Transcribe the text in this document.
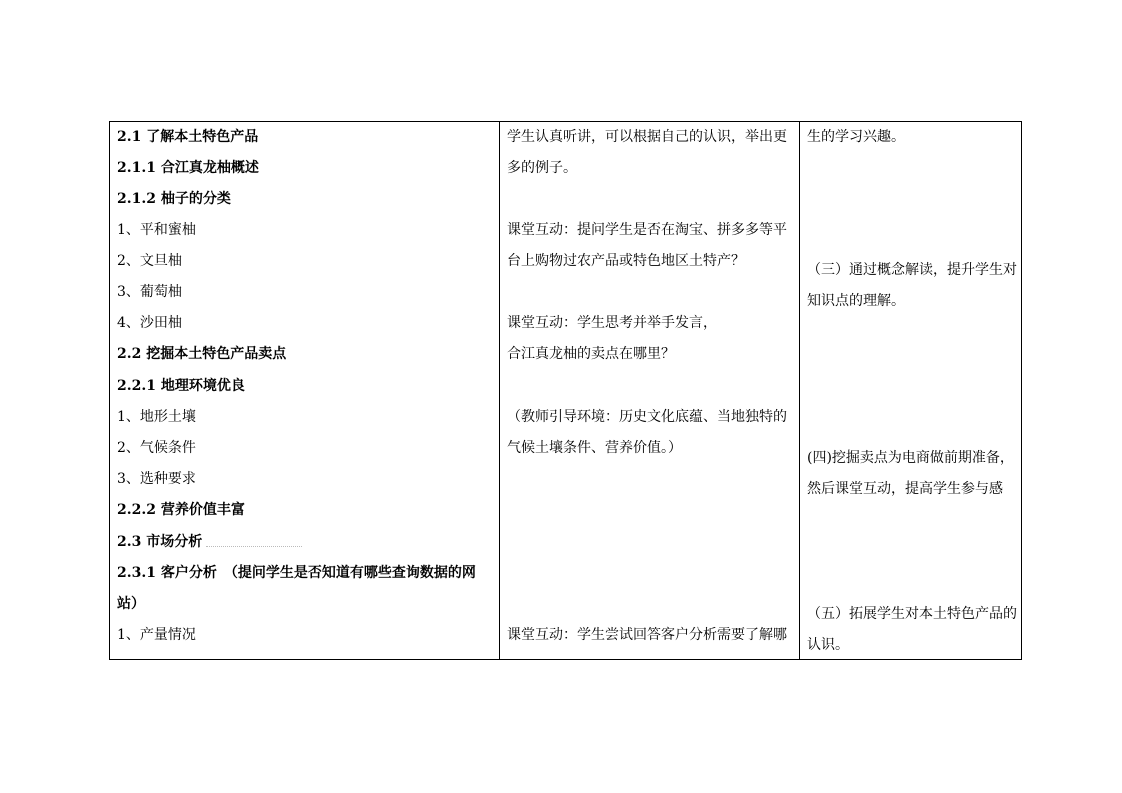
2.1 了解本土特色产品
2.1.1 合江真龙柚概述
2.1.2 柚子的分类
1、平和蜜柚
2、文旦柚
3、葡萄柚
4、沙田柚
2.2 挖掘本土特色产品卖点
2.2.1 地理环境优良
1、地形土壤
2、气候条件
3、选种要求
2.2.2 营养价值丰富
2.3 市场分析
2.3.1 客户分析　（提问学生是否知道有哪些查询数据的网
站）
1、产量情况
学生认真听讲，可以根据自己的认识，举出更
多的例子。
课堂互动：提问学生是否在淘宝、拼多多等平
台上购物过农产品或特色地区土特产？
课堂互动：学生思考并举手发言，
合江真龙柚的卖点在哪里？
（教师引导环境：历史文化底蕴、当地独特的
气候土壤条件、营养价值。）
课堂互动：学生尝试回答客户分析需要了解哪
生的学习兴趣。
（三）通过概念解读，提升学生对
知识点的理解。
(四)挖掘卖点为电商做前期准备，
然后课堂互动，提高学生参与感
（五）拓展学生对本土特色产品的
认识。
